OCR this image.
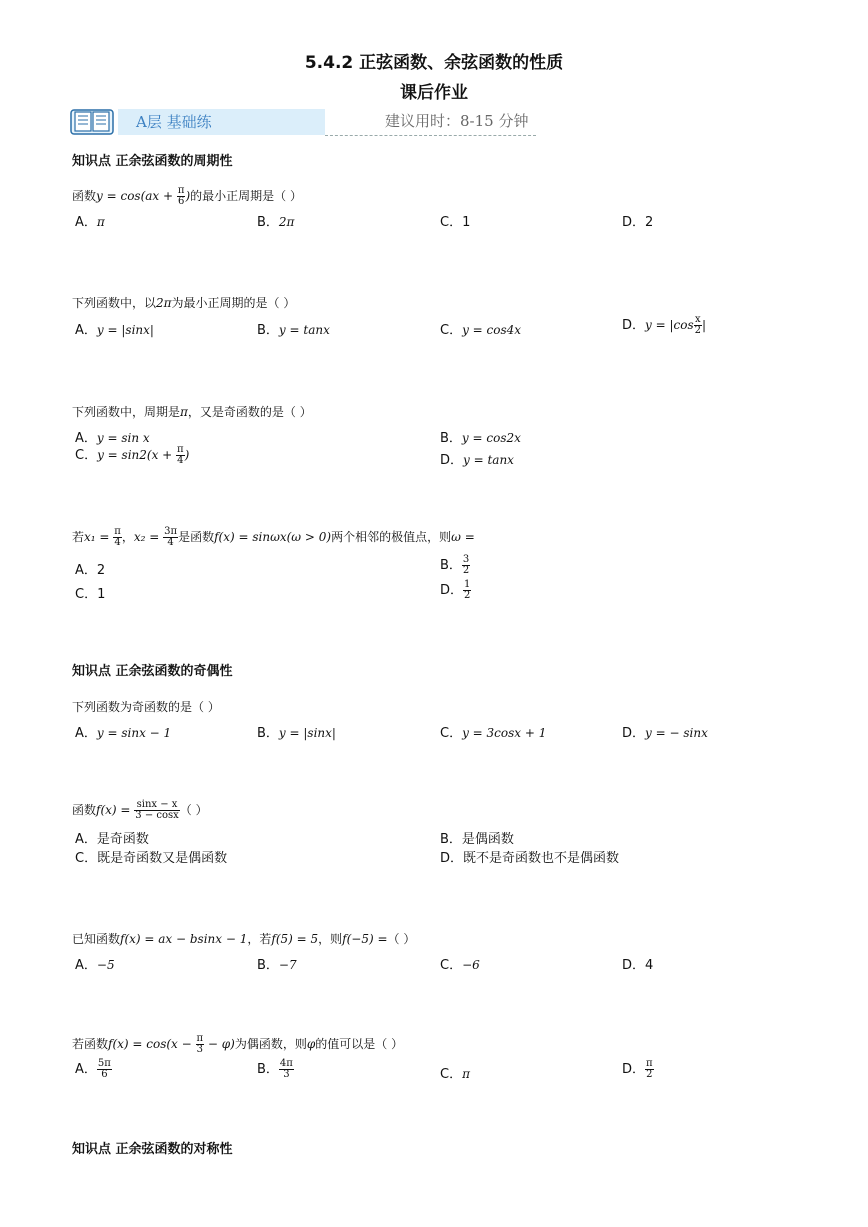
5.4.2 正弦函数、余弦函数的性质
课后作业
A层 基础练	建议用时：8-15 分钟
知识点 正余弦函数的周期性
函数$y = \cos(ax + \frac{\pi}{6}$ )的最小正周期是（ ）
A．π	B．2π	C．1	D．2
下列函数中，以2π为最小正周期的是（ ）
A．y = |sinx|	B．y = tanx	C．y = cos4x	D．$y = |\cos \frac{x}{2}$ |
下列函数中，周期是π，又是奇函数的是（ ）
A．y = sin x	B．y = cos2x
C．$y = \sin 2(x + \frac{\pi}{4}$ )	D．y = tanx
若$x_1 = \frac{\pi}{4}$ ，$x_2 = \frac{3\pi}{4}$ 是函数f(x) = sinωx(ω > 0)两个相邻的极值点，则ω =
A．2	B． $\frac{3}{2}$
C．1	D． $\frac{1}{2}$
知识点 正余弦函数的奇偶性
下列函数为奇函数的是（ ）
A．y = sinx − 1	B．y = |sinx|	C．y = 3cosx + 1	D．y = − sinx
函数$f(x) = \frac{\sin x - x}{3 - \cos x}$ （ ）
A．是奇函数	B．是偶函数
C．既是奇函数又是偶函数	D．既不是奇函数也不是偶函数
已知函数f(x) = ax − bsinx − 1，若f(5) = 5，则f(−5) =（ ）
A．−5	B．−7	C．−6	D．4
若函数$f(x) = \cos(x - \frac{\pi}{3} - \varphi)$为偶函数，则φ的值可以是（ ）
A． $\frac{5\pi}{6}$	B． $\frac{4\pi}{3}$	C．π	D． $\frac{\pi}{2}$
知识点 正余弦函数的对称性
